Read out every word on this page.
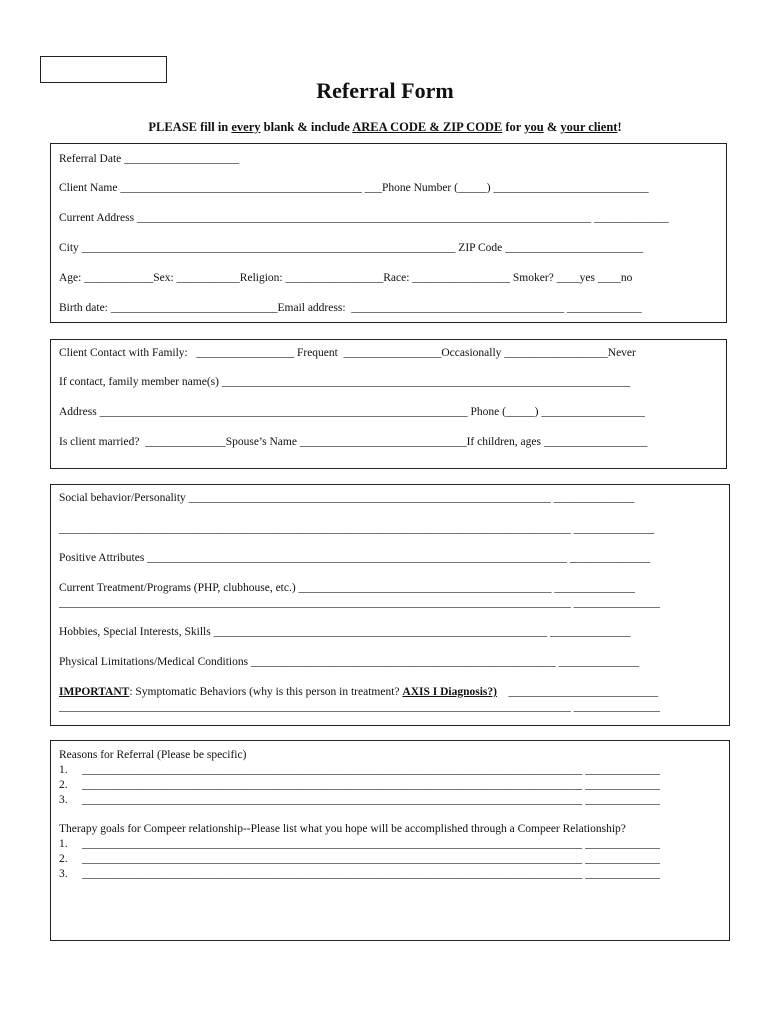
Referral Form
PLEASE fill in every blank & include AREA CODE & ZIP CODE for you & your client!
Referral Date ____________________
Client Name __________________________________________ ___Phone Number (_____) ___________________________
Current Address _______________________________________________________________________________ _____________
City _________________________________________________________________ ZIP Code ________________________
Age: ____________Sex: ___________Religion: _________________Race: _________________ Smoker? ____yes ____no
Birth date: _____________________________Email address:  _____________________________________ _____________
Client Contact with Family:   _________________ Frequent  _________________Occasionally __________________Never
If contact, family member name(s) _______________________________________________________________________
Address ________________________________________________________________ Phone (_____) __________________
Is client married?  ______________Spouse’s Name _____________________________If children, ages __________________
Social behavior/Personality _______________________________________________________________ ______________
_________________________________________________________________________________________ ______________
Positive Attributes _________________________________________________________________________ ______________
Current Treatment/Programs (PHP, clubhouse, etc.) ____________________________________________ ______________
_________________________________________________________________________________________ _______________
Hobbies, Special Interests, Skills __________________________________________________________ ______________
Physical Limitations/Medical Conditions _____________________________________________________ ______________
IMPORTANT: Symptomatic Behaviors (why is this person in treatment? AXIS I Diagnosis?)    __________________________
_________________________________________________________________________________________ _______________
Reasons for Referral (Please be specific)
1.     _______________________________________________________________________________________ _____________
2.     _______________________________________________________________________________________ _____________
3.     _______________________________________________________________________________________ _____________
Therapy goals for Compeer relationship--Please list what you hope will be accomplished through a Compeer Relationship?
1.     _______________________________________________________________________________________ _____________
2.     _______________________________________________________________________________________ _____________
3.     _______________________________________________________________________________________ _____________
